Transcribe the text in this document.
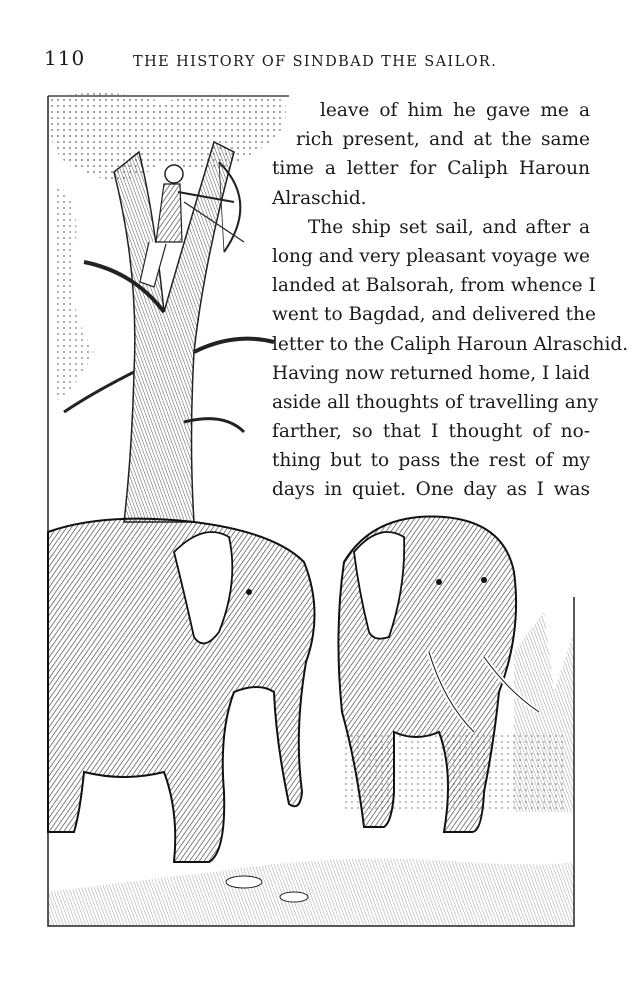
110	THE HISTORY OF SINDBAD THE SAILOR.
leave of him he gave me a
rich present, and at the same
time a letter for Caliph Haroun
Alraschid.
The ship set sail, and after a
long and very pleasant voyage we
landed at Balsorah, from whence I
went to Bagdad, and delivered the
letter to the Caliph Haroun Alraschid.
Having now returned home, I laid
aside all thoughts of travelling any
farther, so that I thought of no-
thing but to pass the rest of my
days in quiet. One day as I was
